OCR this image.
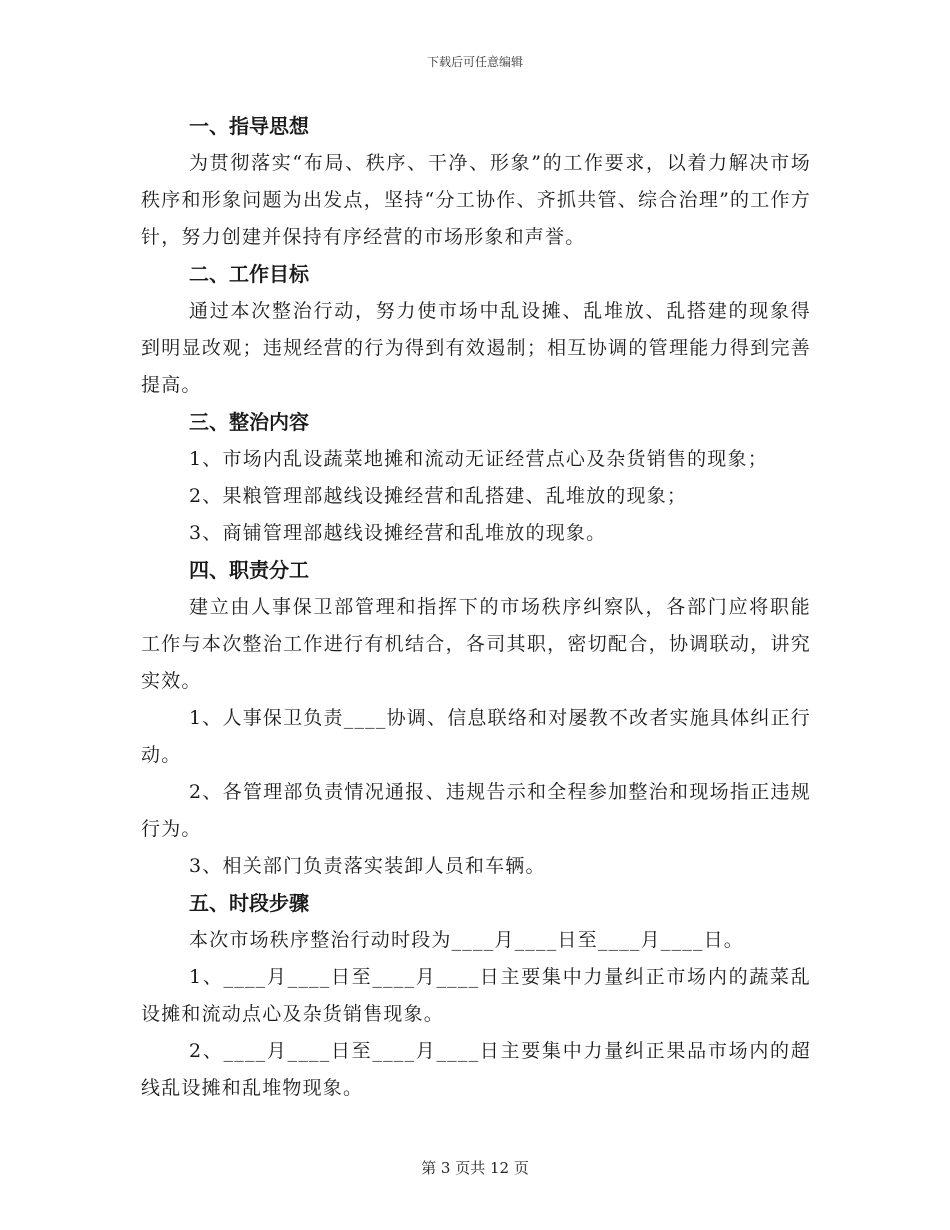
下载后可任意编辑

一、指导思想

为贯彻落实“布局、秩序、干净、形象”的工作要求，以着力解决市场秩序和形象问题为出发点，坚持“分工协作、齐抓共管、综合治理”的工作方针，努力创建并保持有序经营的市场形象和声誉。

二、工作目标

通过本次整治行动，努力使市场中乱设摊、乱堆放、乱搭建的现象得到明显改观；违规经营的行为得到有效遏制；相互协调的管理能力得到完善提高。

三、整治内容

1、市场内乱设蔬菜地摊和流动无证经营点心及杂货销售的现象；

2、果粮管理部越线设摊经营和乱搭建、乱堆放的现象；

3、商铺管理部越线设摊经营和乱堆放的现象。

四、职责分工

建立由人事保卫部管理和指挥下的市场秩序纠察队，各部门应将职能工作与本次整治工作进行有机结合，各司其职，密切配合，协调联动，讲究实效。

1、人事保卫负责____协调、信息联络和对屡教不改者实施具体纠正行动。

2、各管理部负责情况通报、违规告示和全程参加整治和现场指正违规行为。

3、相关部门负责落实装卸人员和车辆。

五、时段步骤

本次市场秩序整治行动时段为____月____日至____月____日。

1、____月____日至____月____日主要集中力量纠正市场内的蔬菜乱设摊和流动点心及杂货销售现象。

2、____月____日至____月____日主要集中力量纠正果品市场内的超线乱设摊和乱堆物现象。

第 3 页共 12 页
